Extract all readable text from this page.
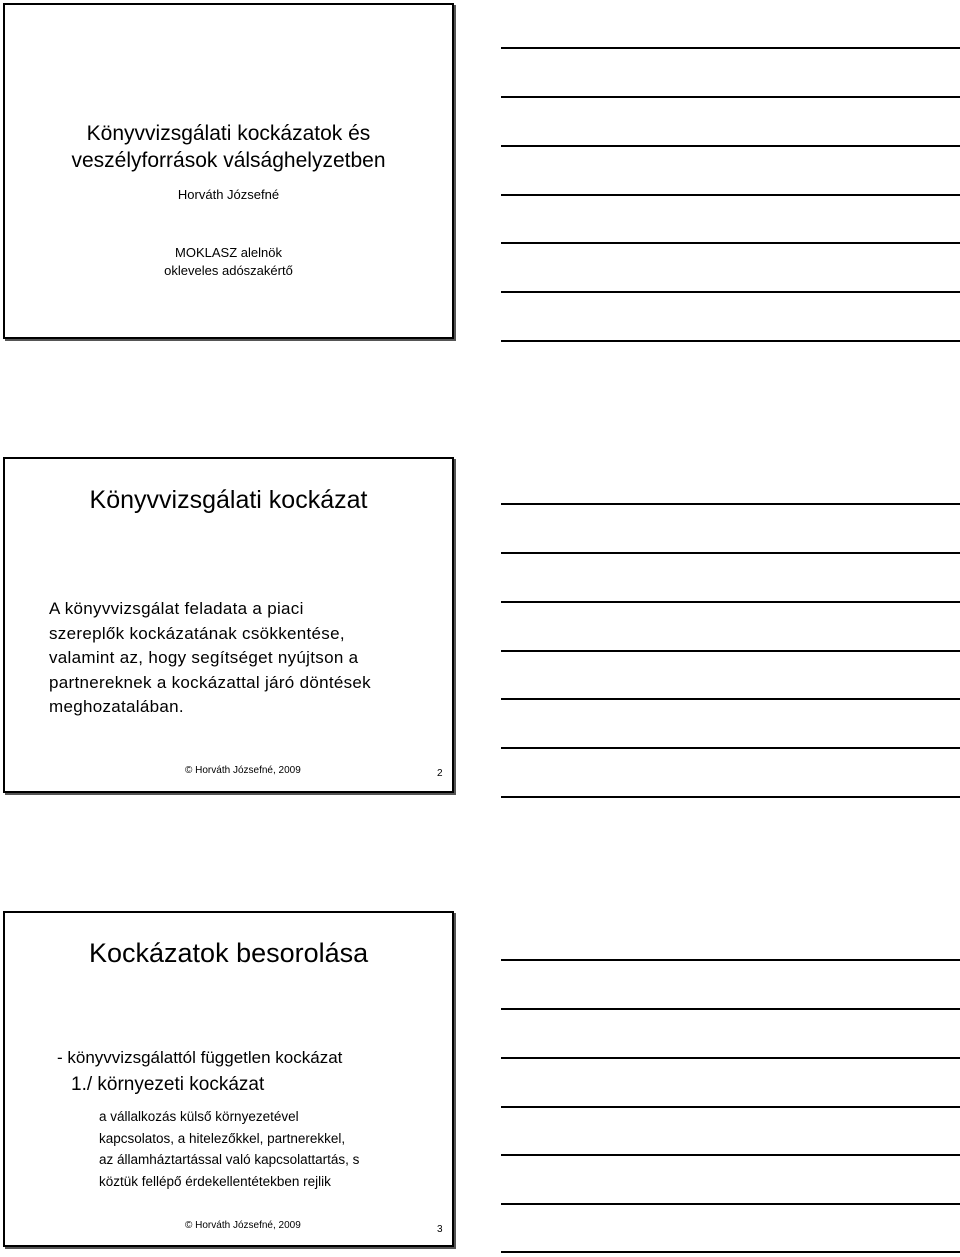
Könyvvizsgálati kockázatok és
veszélyforrások válsághelyzetben
Horváth Józsefné
MOKLASZ alelnök
okleveles adószakértő
Könyvvizsgálati kockázat
A könyvvizsgálat feladata a piaci
szereplők kockázatának csökkentése,
valamint az, hogy segítséget nyújtson a
partnereknek a kockázattal járó döntések
meghozatalában.
© Horváth Józsefné, 2009	2
Kockázatok besorolása
- könyvvizsgálattól független kockázat
1./ környezeti kockázat
a vállalkozás külső környezetével
kapcsolatos, a hitelezőkkel, partnerekkel,
az államháztartással való kapcsolattartás, s
köztük fellépő érdekellentétekben rejlik
© Horváth Józsefné, 2009	3
